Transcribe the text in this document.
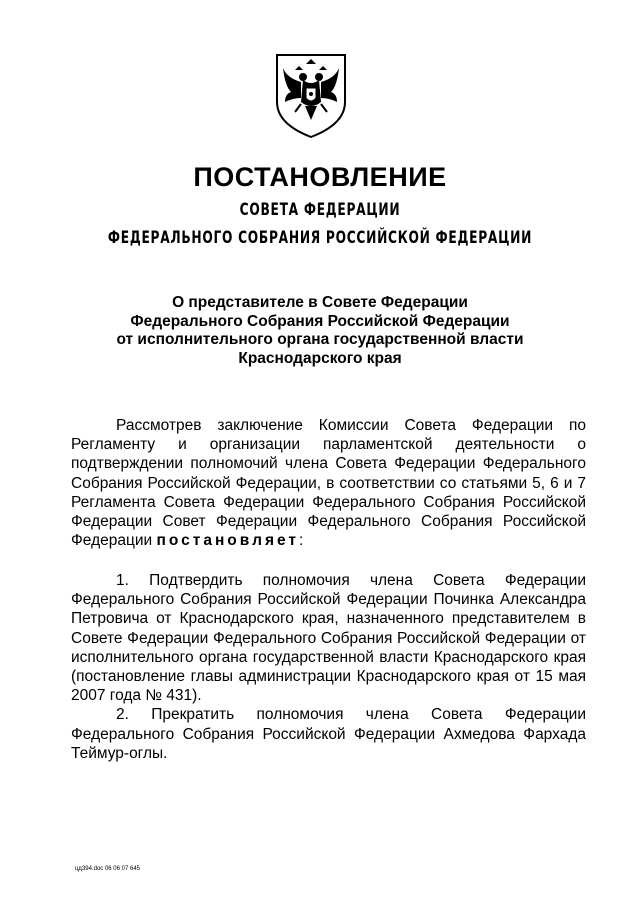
ПОСТАНОВЛЕНИЕ
СОВЕТА ФЕДЕРАЦИИ
ФЕДЕРАЛЬНОГО СОБРАНИЯ РОССИЙСКОЙ ФЕДЕРАЦИИ
О представителе в Совете Федерации
Федерального Собрания Российской Федерации
от исполнительного органа государственной власти
Краснодарского края

Рассмотрев заключение Комиссии Совета Федерации по Регламенту и организации парламентской деятельности о подтверждении полномочий члена Совета Федерации Федерального Собрания Российской Федерации, в соответствии со статьями 5, 6 и 7 Регламента Совета Федерации Федерального Собрания Российской Федерации Совет Федерации Федерального Собрания Российской Федерации постановляет:

1. Подтвердить полномочия члена Совета Федерации Федерального Собрания Российской Федерации Починка Александра Петровича от Краснодарского края, назначенного представителем в Совете Федерации Федерального Собрания Российской Федерации от исполнительного органа государственной власти Краснодарского края (постановление главы администрации Краснодарского края от 15 мая 2007 года № 431).

2. Прекратить полномочия члена Совета Федерации Федерального Собрания Российской Федерации Ахмедова Фархада Теймур-оглы.

цд394.doc 06 06 07 645
